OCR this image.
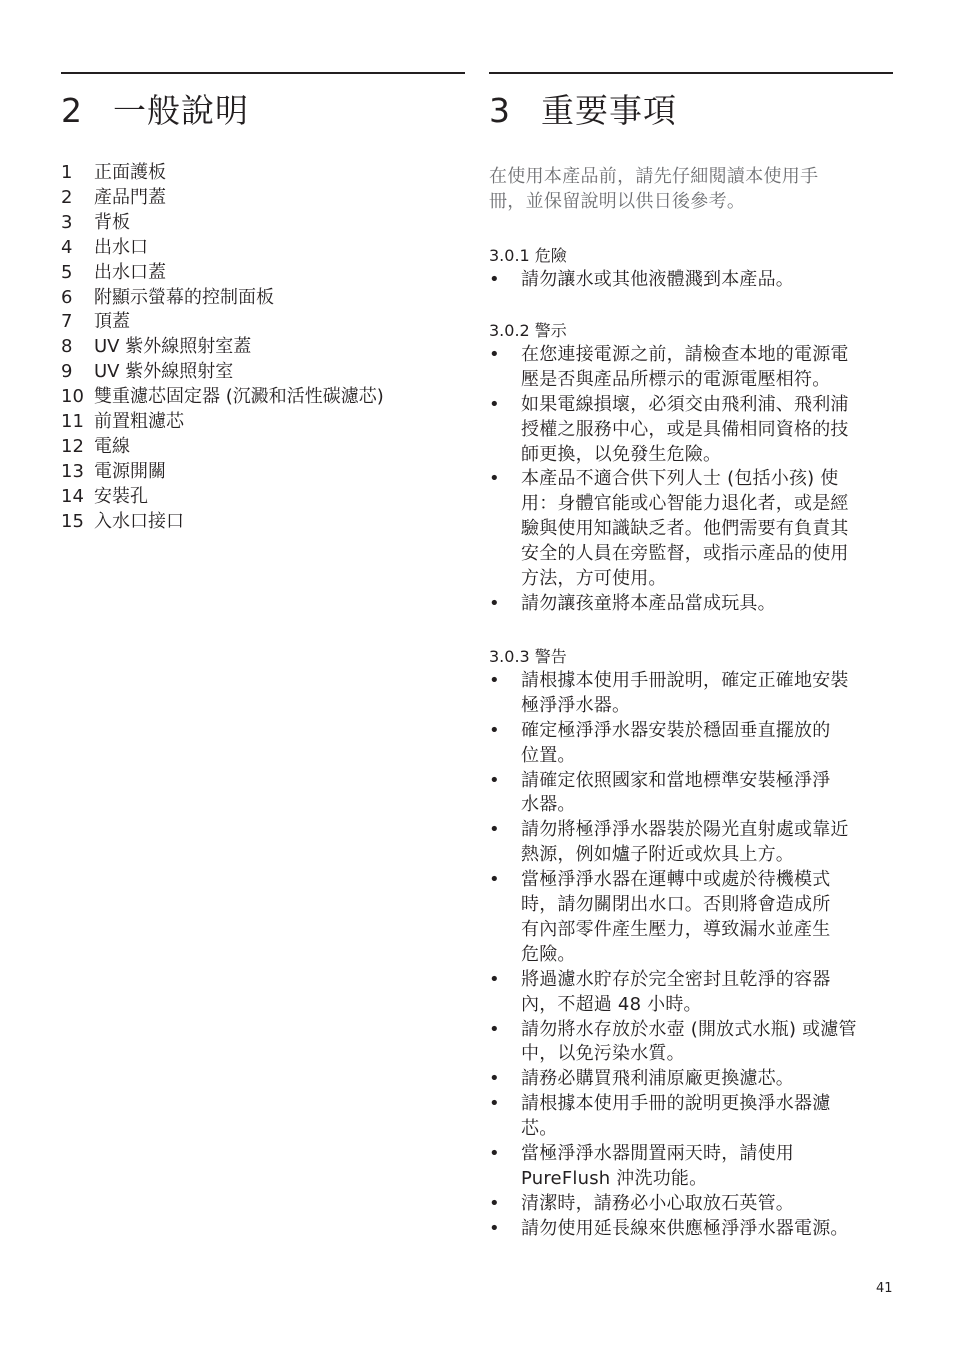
2 一般說明
1	正面護板
2	產品門蓋
3	背板
4	出水口
5	出水口蓋
6	附顯示螢幕的控制面板
7	頂蓋
8	UV 紫外線照射室蓋
9	UV 紫外線照射室
10 雙重濾芯固定器 (沉澱和活性碳濾芯)
11 前置粗濾芯
12 電線
13 電源開關
14 安裝孔
15 入水口接口
3 重要事項

在使用本產品前，請先仔細閱讀本使用手
冊，並保留說明以供日後參考。

3.0.1 危險

• 請勿讓水或其他液體濺到本產品。

3.0.2 警示

• 在您連接電源之前，請檢查本地的電源電
壓是否與產品所標示的電源電壓相符。
• 如果電線損壞，必須交由飛利浦、飛利浦
授權之服務中心，或是具備相同資格的技
師更換，以免發生危險。
• 本產品不適合供下列人士 (包括小孩) 使
用：身體官能或心智能力退化者，或是經
驗與使用知識缺乏者。他們需要有負責其
安全的人員在旁監督，或指示產品的使用
方法，方可使用。
• 請勿讓孩童將本產品當成玩具。

3.0.3 警告

• 請根據本使用手冊說明，確定正確地安裝
極淨淨水器。
• 確定極淨淨水器安裝於穩固垂直擺放的
位置。
• 請確定依照國家和當地標準安裝極淨淨
水器。
• 請勿將極淨淨水器裝於陽光直射處或靠近
熱源，例如爐子附近或炊具上方。
• 當極淨淨水器在運轉中或處於待機模式
時，請勿關閉出水口。否則將會造成所
有內部零件產生壓力，導致漏水並產生
危險。
• 將過濾水貯存於完全密封且乾淨的容器
內，不超過 48 小時。
• 請勿將水存放於水壺 (開放式水瓶) 或濾管
中，以免污染水質。
• 請務必購買飛利浦原廠更換濾芯。
• 請根據本使用手冊的說明更換淨水器濾
芯。
• 當極淨淨水器閒置兩天時，請使用
PureFlush 沖洗功能。
• 清潔時，請務必小心取放石英管。
• 請勿使用延長線來供應極淨淨水器電源。
41
